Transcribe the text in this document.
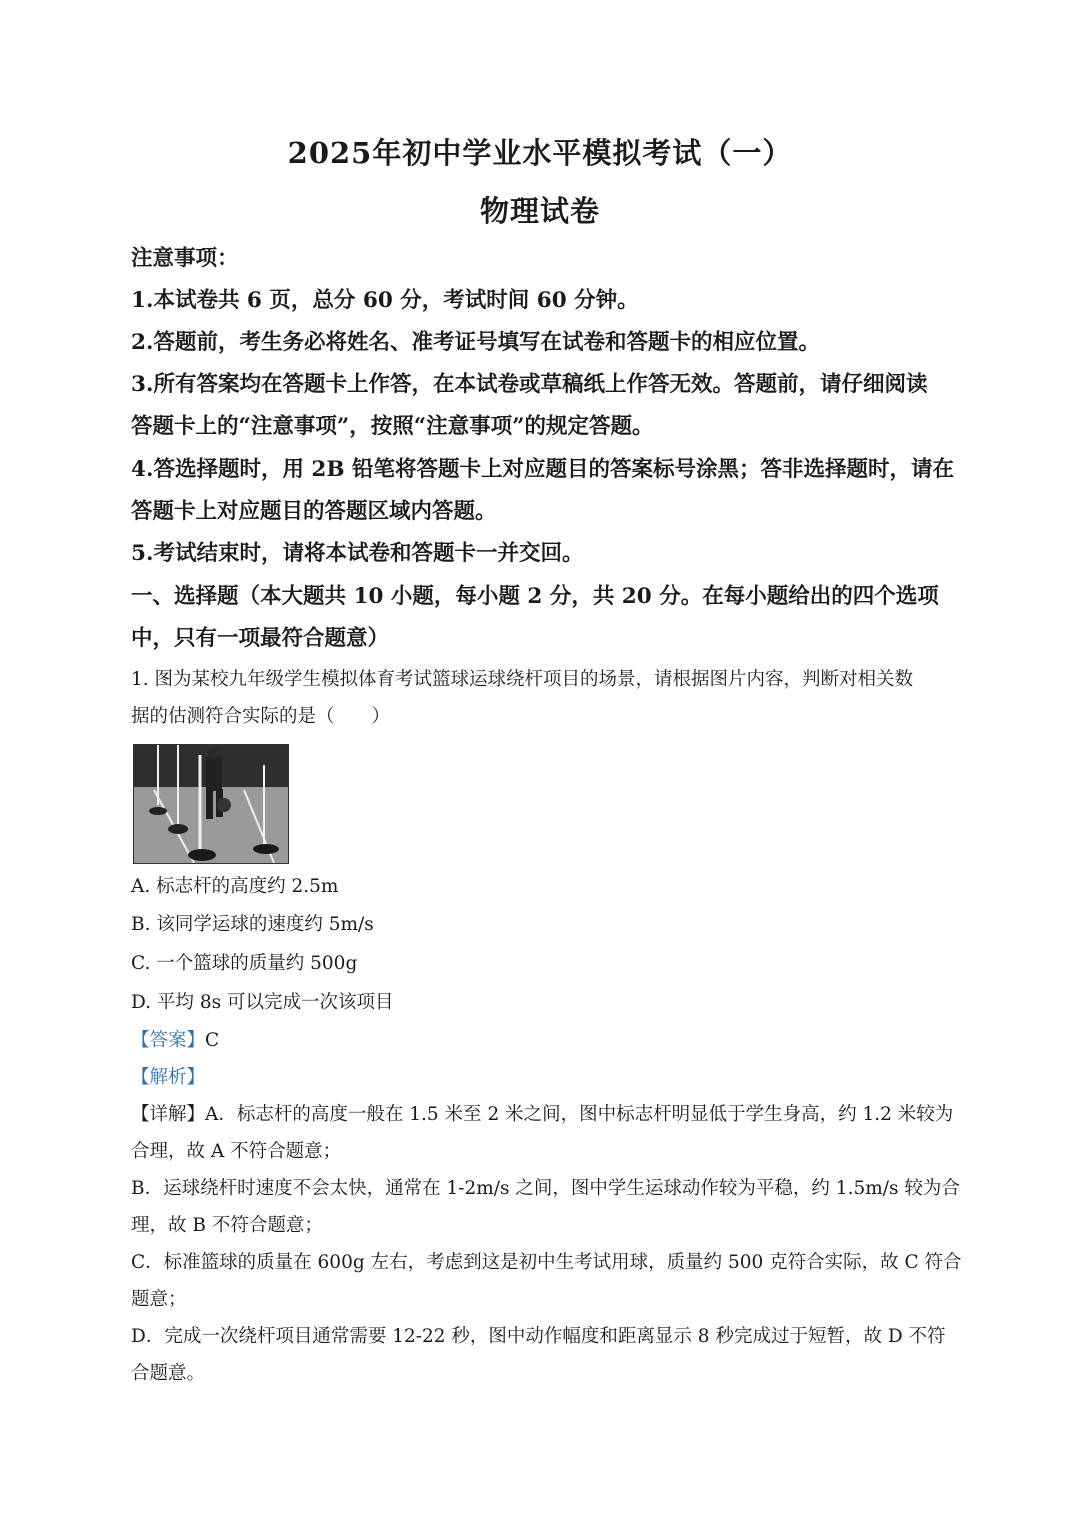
2025年初中学业水平模拟考试（一）
物理试卷
注意事项：
1.本试卷共 6 页，总分 60 分，考试时间 60 分钟。
2.答题前，考生务必将姓名、准考证号填写在试卷和答题卡的相应位置。
3.所有答案均在答题卡上作答，在本试卷或草稿纸上作答无效。答题前，请仔细阅读
答题卡上的“注意事项”，按照“注意事项”的规定答题。
4.答选择题时，用 2B 铅笔将答题卡上对应题目的答案标号涂黑；答非选择题时，请在
答题卡上对应题目的答题区域内答题。
5.考试结束时，请将本试卷和答题卡一并交回。
一、选择题（本大题共 10 小题，每小题 2 分，共 20 分。在每小题给出的四个选项
中，只有一项最符合题意）
1. 图为某校九年级学生模拟体育考试篮球运球绕杆项目的场景，请根据图片内容，判断对相关数
据的估测符合实际的是（　　）
A. 标志杆的高度约 2.5m
B. 该同学运球的速度约 5m/s
C. 一个篮球的质量约 500g
D. 平均 8s 可以完成一次该项目
【答案】C
【解析】
【详解】A．标志杆的高度一般在 1.5 米至 2 米之间，图中标志杆明显低于学生身高，约 1.2 米较为
合理，故 A 不符合题意；
B．运球绕杆时速度不会太快，通常在 1-2m/s 之间，图中学生运球动作较为平稳，约 1.5m/s 较为合
理，故 B 不符合题意；
C．标准篮球的质量在 600g 左右，考虑到这是初中生考试用球，质量约 500 克符合实际，故 C 符合
题意；
D．完成一次绕杆项目通常需要 12-22 秒，图中动作幅度和距离显示 8 秒完成过于短暂，故 D 不符
合题意。
